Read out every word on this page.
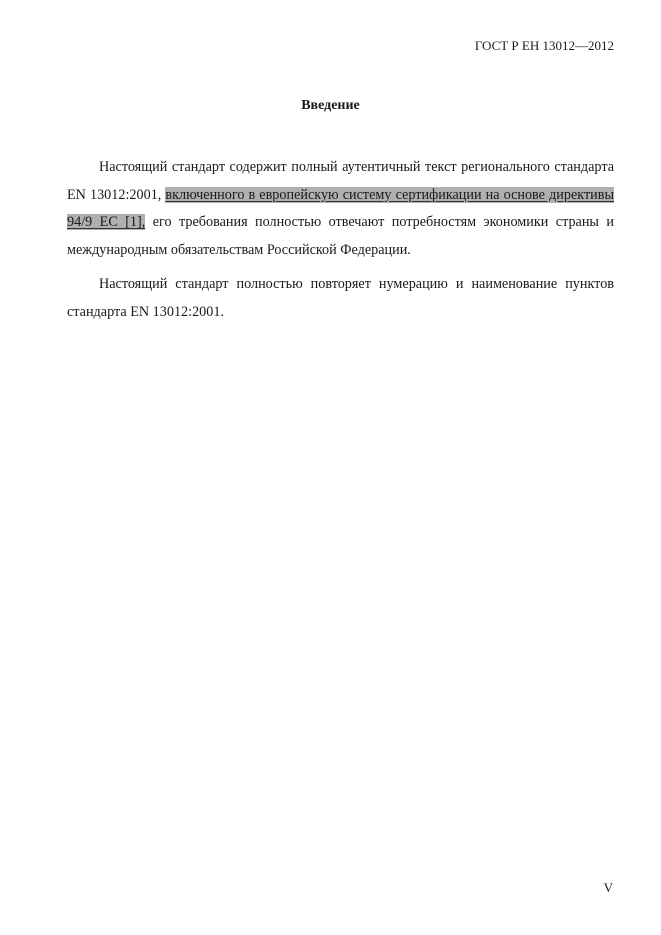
ГОСТ Р ЕН 13012—2012
Введение

Настоящий стандарт содержит полный аутентичный текст регионального стандарта EN 13012:2001, включенного в европейскую систему сертификации на основе директивы 94/9 ЕС [1], его требования полностью отвечают потребностям экономики страны и международным обязательствам Российской Федерации.

Настоящий стандарт полностью повторяет нумерацию и наименование пунктов стандарта EN 13012:2001.

V
